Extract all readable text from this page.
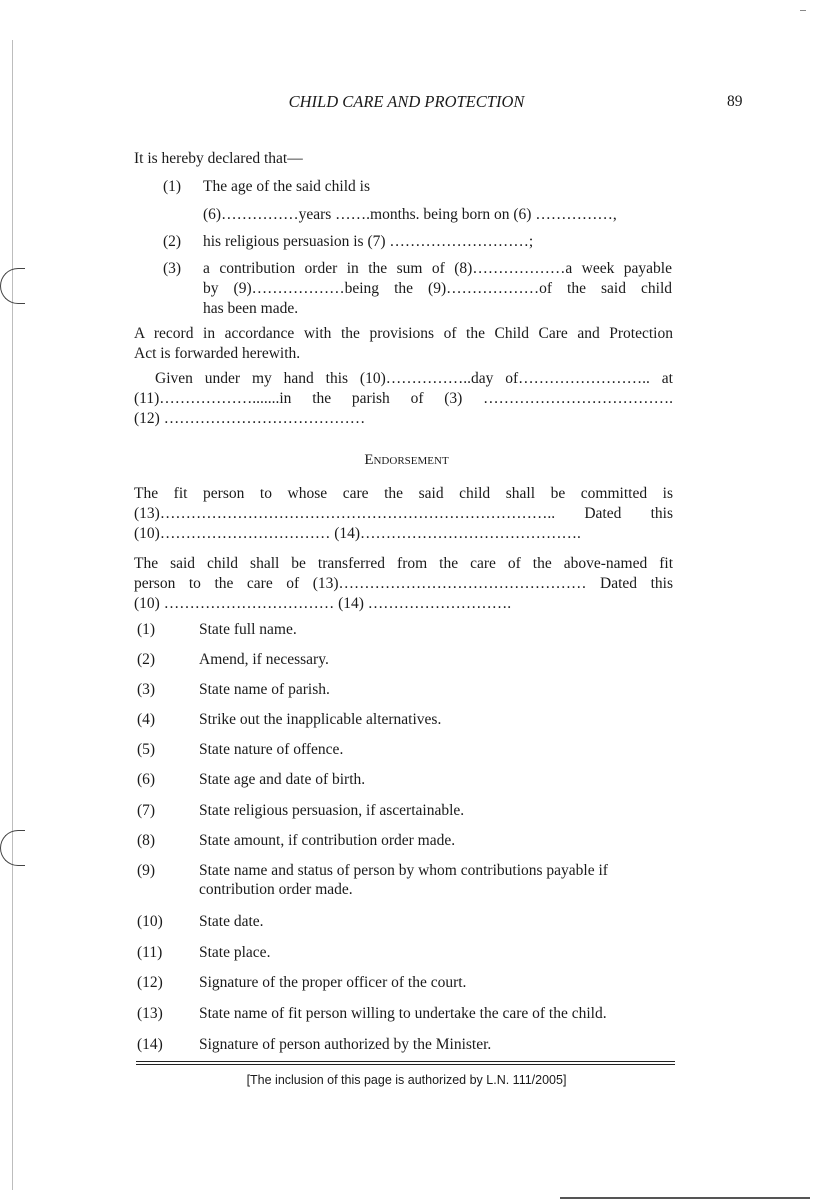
CHILD CARE AND PROTECTION	89
It is hereby declared that—
(1) The age of the said child is
(6)……………years …….months. being born on (6) ……………,
(2) his religious persuasion is (7) ………………………;
(3) a contribution order in the sum of (8)………………a week payable
by (9)………………being the (9)………………of the said child
has been made.
A record in accordance with the provisions of the Child Care and Protection
Act is forwarded herewith.
Given under my hand this (10)……………..day of…………………….. at
(11)……………….......in the parish of (3) ……………………………….
(12) …………………………………
Endorsement
The fit person to whose care the said child shall be committed is
(13)………………………………………………………………….. Dated this
(10)…………………………… (14)…………………………………….
The said child shall be transferred from the care of the above-named fit
person to the care of (13)………………………………………… Dated this
(10) …………………………… (14) ……………………….
(1)	State full name.
(2)	Amend, if necessary.
(3)	State name of parish.
(4)	Strike out the inapplicable alternatives.
(5)	State nature of offence.
(6)	State age and date of birth.
(7)	State religious persuasion, if ascertainable.
(8)	State amount, if contribution order made.
(9)	State name and status of person by whom contributions payable if contribution order made.
(10) State date.
(11) State place.
(12) Signature of the proper officer of the court.
(13) State name of fit person willing to undertake the care of the child.
(14) Signature of person authorized by the Minister.
[The inclusion of this page is authorized by L.N. 111/2005]
